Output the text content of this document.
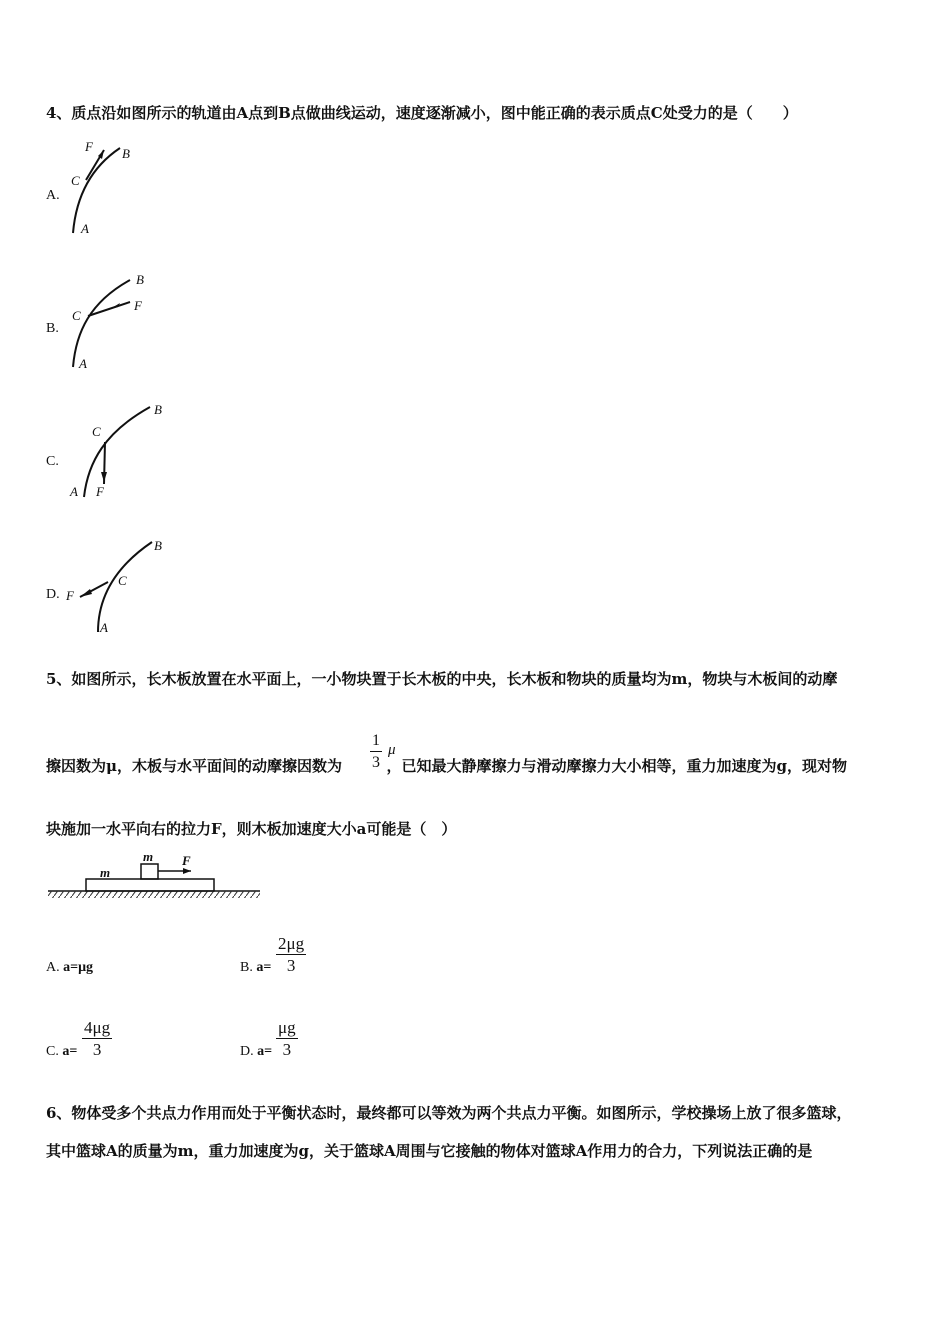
4、质点沿如图所示的轨道由A点到B点做曲线运动，速度逐渐减小，图中能正确的表示质点C处受力的是（　　）
A.
F B
C
A
B.
B
F
C
A
C.
B
C
A F
D.
B
C
F
A
5、如图所示，长木板放置在水平面上，一小物块置于长木板的中央，长木板和物块的质量均为m，物块与木板间的动摩
擦因数为μ，木板与水平面间的动摩擦因数为	，已知最大静摩擦力与滑动摩擦力大小相等，重力加速度为g，现对物
$\frac{1}{3}$ μ
块施加一水平向右的拉力F，则木板加速度大小a可能是（　）
m
m F
A. a=μg	B. $a= \frac{2\mu g}{3}$
C. $a= \frac{4\mu g}{3}$	D. $a= \frac{\mu g}{3}$
6、物体受多个共点力作用而处于平衡状态时，最终都可以等效为两个共点力平衡。如图所示，学校操场上放了很多篮球，
其中篮球A的质量为m，重力加速度为g，关于篮球A周围与它接触的物体对篮球A作用力的合力，下列说法正确的是
